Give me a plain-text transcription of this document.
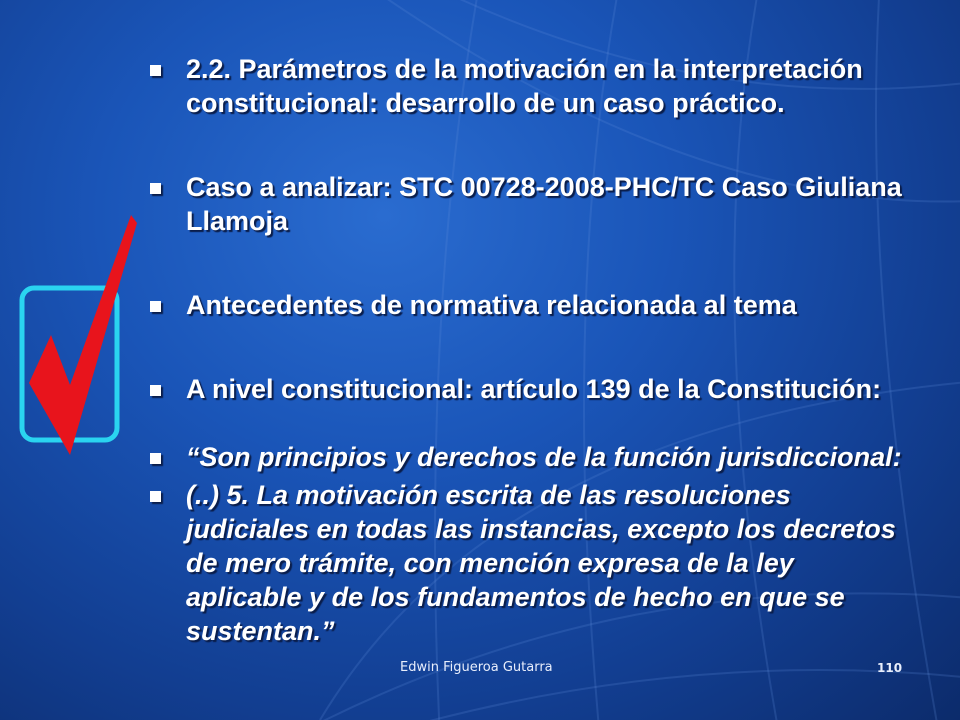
2.2. Parámetros de la motivación en la interpretación constitucional: desarrollo de un caso práctico.
Caso a analizar: STC 00728-2008-PHC/TC Caso Giuliana Llamoja
Antecedentes de normativa relacionada al tema
A nivel constitucional: artículo 139 de la Constitución:
“Son principios y derechos de la función jurisdiccional:
(..) 5. La motivación escrita de las resoluciones judiciales en todas las instancias, excepto los decretos de mero trámite, con mención expresa de la ley aplicable y de los fundamentos de hecho en que se sustentan.”
Edwin Figueroa Gutarra	110
